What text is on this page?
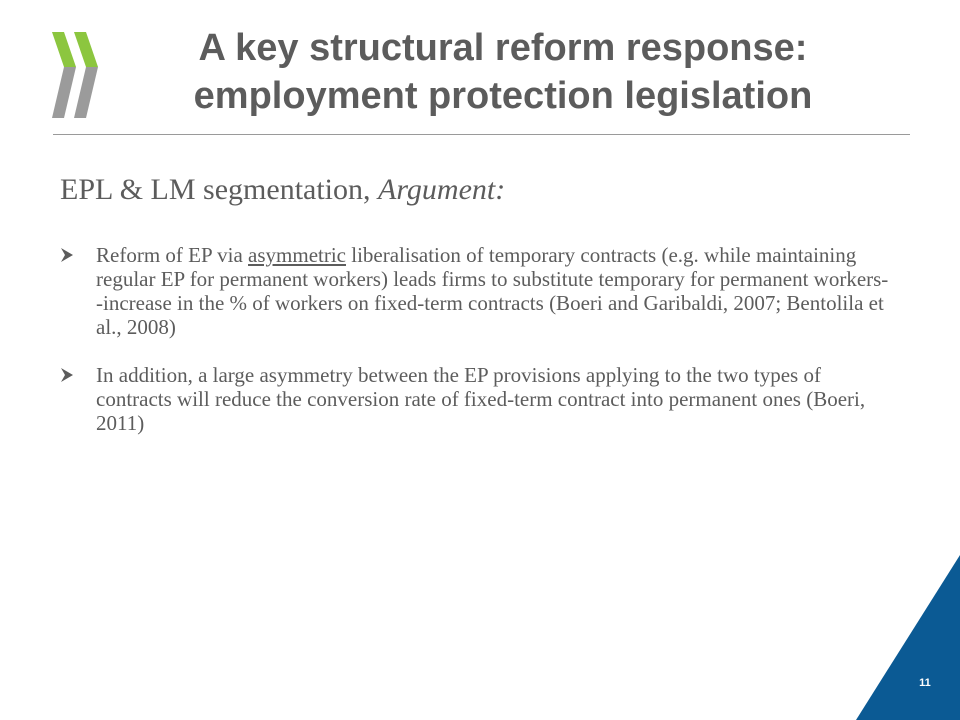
A key structural reform response:
employment protection legislation
EPL & LM segmentation, Argument:
Reform of EP via asymmetric liberalisation of temporary contracts (e.g. while maintaining regular EP for permanent workers) leads firms to substitute temporary for permanent workers--increase in the % of workers on fixed-term contracts (Boeri and Garibaldi, 2007; Bentolila et al., 2008)
In addition, a large asymmetry between the EP provisions applying to the two types of contracts will reduce the conversion rate of fixed-term contract into permanent ones (Boeri, 2011)
11
